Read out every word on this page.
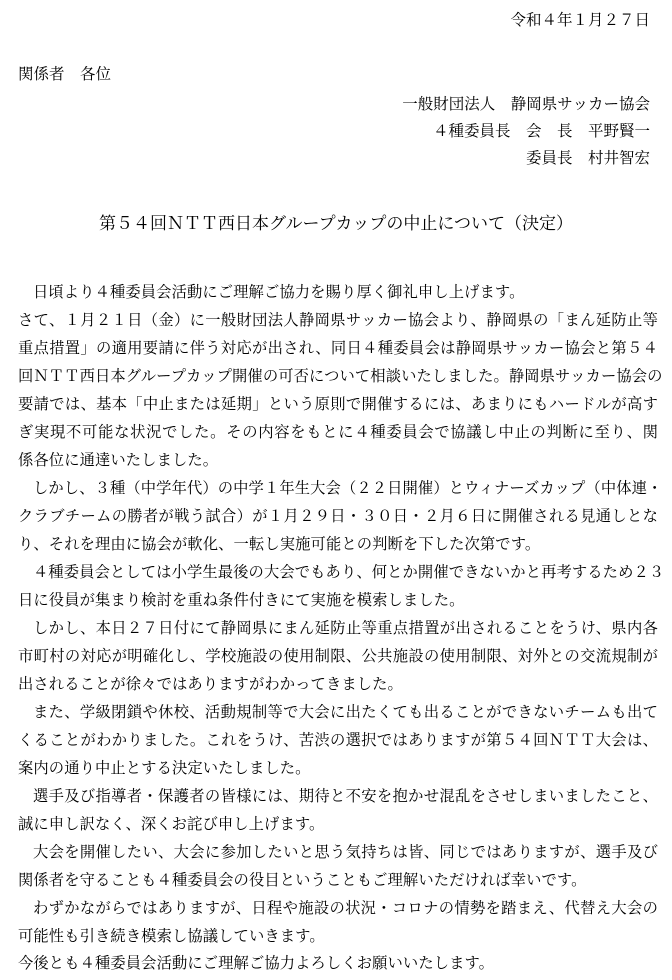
令和４年１月２７日
関係者　各位
一般財団法人　静岡県サッカー協会
４種委員長　会　長　平野賢一
委員長　村井智宏
第５４回ＮＴＴ西日本グループカップの中止について（決定）
日頃より４種委員会活動にご理解ご協力を賜り厚く御礼申し上げます。
さて、１月２１日（金）に一般財団法人静岡県サッカー協会より、静岡県の「まん延防止等
重点措置」の適用要請に伴う対応が出され、同日４種委員会は静岡県サッカー協会と第５４
回ＮＴＴ西日本グループカップ開催の可否について相談いたしました。静岡県サッカー協会の
要請では、基本「中止または延期」という原則で開催するには、あまりにもハードルが高す
ぎ実現不可能な状況でした。その内容をもとに４種委員会で協議し中止の判断に至り、関
係各位に通達いたしました。
しかし、３種（中学年代）の中学１年生大会（２２日開催）とウィナーズカップ（中体連・
クラブチームの勝者が戦う試合）が１月２９日・３０日・２月６日に開催される見通しとな
り、それを理由に協会が軟化、一転し実施可能との判断を下した次第です。
４種委員会としては小学生最後の大会でもあり、何とか開催できないかと再考するため２３
日に役員が集まり検討を重ね条件付きにて実施を模索しました。
しかし、本日２７日付にて静岡県にまん延防止等重点措置が出されることをうけ、県内各
市町村の対応が明確化し、学校施設の使用制限、公共施設の使用制限、対外との交流規制が
出されることが徐々ではありますがわかってきました。
また、学級閉鎖や休校、活動規制等で大会に出たくても出ることができないチームも出て
くることがわかりました。これをうけ、苦渋の選択ではありますが第５４回ＮＴＴ大会は、
案内の通り中止とする決定いたしました。
選手及び指導者・保護者の皆様には、期待と不安を抱かせ混乱をさせしまいましたこと、
誠に申し訳なく、深くお詫び申し上げます。
大会を開催したい、大会に参加したいと思う気持ちは皆、同じではありますが、選手及び
関係者を守ることも４種委員会の役目ということもご理解いただければ幸いです。
わずかながらではありますが、日程や施設の状況・コロナの情勢を踏まえ、代替え大会の
可能性も引き続き模索し協議していきます。
今後とも４種委員会活動にご理解ご協力よろしくお願いいたします。
